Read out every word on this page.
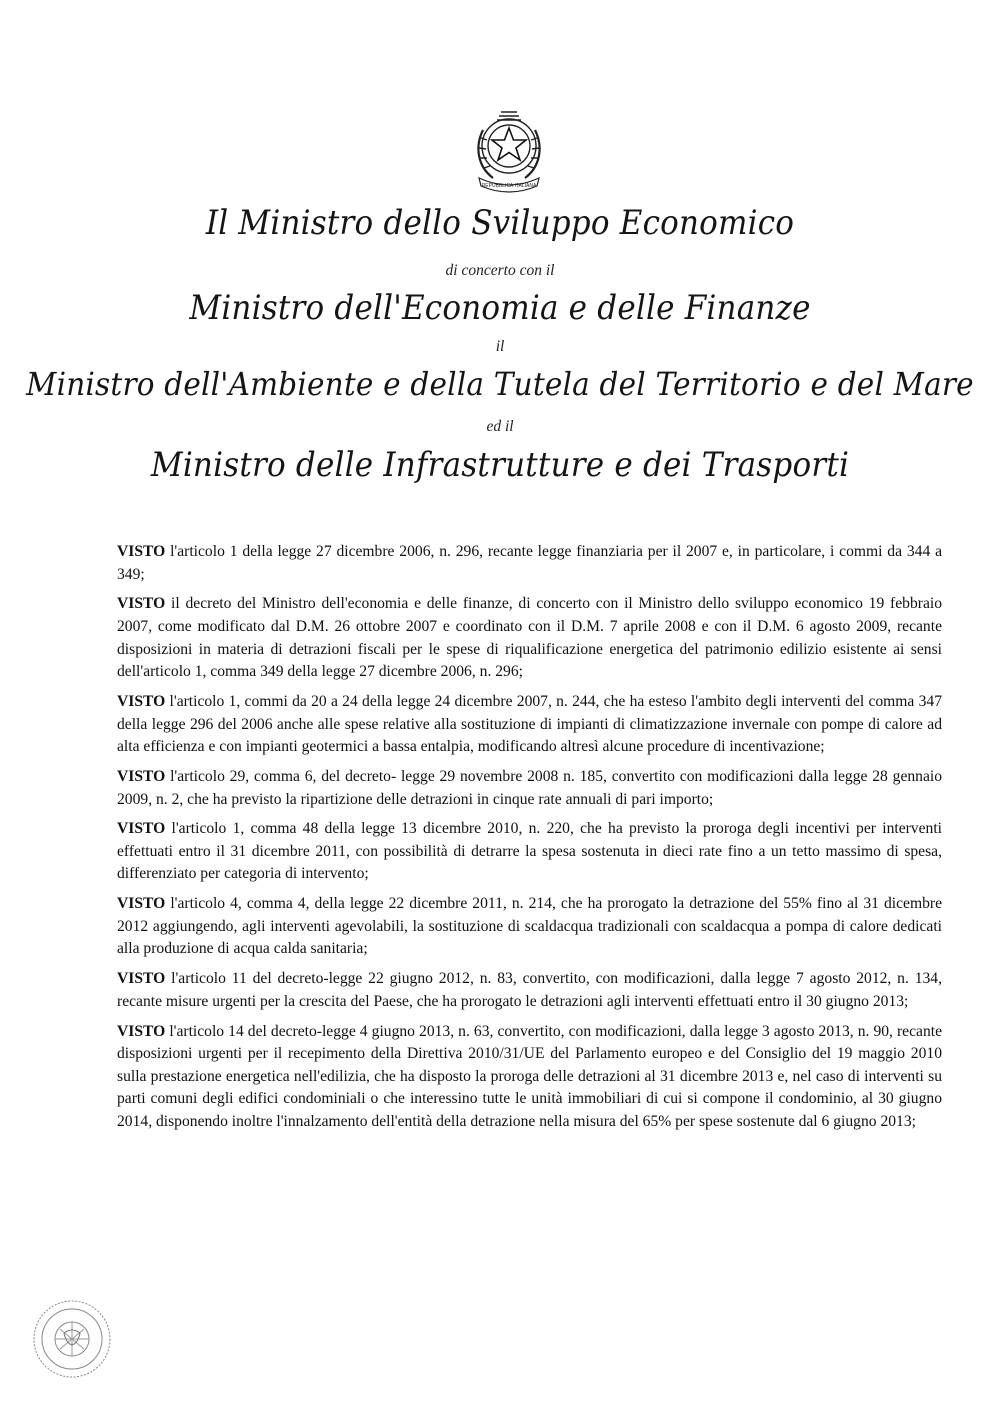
REPUBBLICA ITALIANA
Il Ministro dello Sviluppo Economico
di concerto con il
Ministro dell'Economia e delle Finanze
il
Ministro dell'Ambiente e della Tutela del Territorio e del Mare
ed il
Ministro delle Infrastrutture e dei Trasporti

VISTO l'articolo 1 della legge 27 dicembre 2006, n. 296, recante legge finanziaria per il 2007 e, in particolare, i commi da 344 a 349;

VISTO il decreto del Ministro dell'economia e delle finanze, di concerto con il Ministro dello sviluppo economico 19 febbraio 2007, come modificato dal D.M. 26 ottobre 2007 e coordinato con il D.M. 7 aprile 2008 e con il D.M. 6 agosto 2009, recante disposizioni in materia di detrazioni fiscali per le spese di riqualificazione energetica del patrimonio edilizio esistente ai sensi dell'articolo 1, comma 349 della legge 27 dicembre 2006, n. 296;

VISTO l'articolo 1, commi da 20 a 24 della legge 24 dicembre 2007, n. 244, che ha esteso l'ambito degli interventi del comma 347 della legge 296 del 2006 anche alle spese relative alla sostituzione di impianti di climatizzazione invernale con pompe di calore ad alta efficienza e con impianti geotermici a bassa entalpia, modificando altresì alcune procedure di incentivazione;

VISTO l'articolo 29, comma 6, del decreto- legge 29 novembre 2008 n. 185, convertito con modificazioni dalla legge 28 gennaio 2009, n. 2, che ha previsto la ripartizione delle detrazioni in cinque rate annuali di pari importo;

VISTO l'articolo 1, comma 48 della legge 13 dicembre 2010, n. 220, che ha previsto la proroga degli incentivi per interventi effettuati entro il 31 dicembre 2011, con possibilità di detrarre la spesa sostenuta in dieci rate fino a un tetto massimo di spesa, differenziato per categoria di intervento;

VISTO l'articolo 4, comma 4, della legge 22 dicembre 2011, n. 214, che ha prorogato la detrazione del 55% fino al 31 dicembre 2012 aggiungendo, agli interventi agevolabili, la sostituzione di scaldacqua tradizionali con scaldacqua a pompa di calore dedicati alla produzione di acqua calda sanitaria;

VISTO l'articolo 11 del decreto-legge 22 giugno 2012, n. 83, convertito, con modificazioni, dalla legge 7 agosto 2012, n. 134, recante misure urgenti per la crescita del Paese, che ha prorogato le detrazioni agli interventi effettuati entro il 30 giugno 2013;

VISTO l'articolo 14 del decreto-legge 4 giugno 2013, n. 63, convertito, con modificazioni, dalla legge 3 agosto 2013, n. 90, recante disposizioni urgenti per il recepimento della Direttiva 2010/31/UE del Parlamento europeo e del Consiglio del 19 maggio 2010 sulla prestazione energetica nell'edilizia, che ha disposto la proroga delle detrazioni al 31 dicembre 2013 e, nel caso di interventi su parti comuni degli edifici condominiali o che interessino tutte le unità immobiliari di cui si compone il condominio, al 30 giugno 2014, disponendo inoltre l'innalzamento dell'entità della detrazione nella misura del 65% per spese sostenute dal 6 giugno 2013;
